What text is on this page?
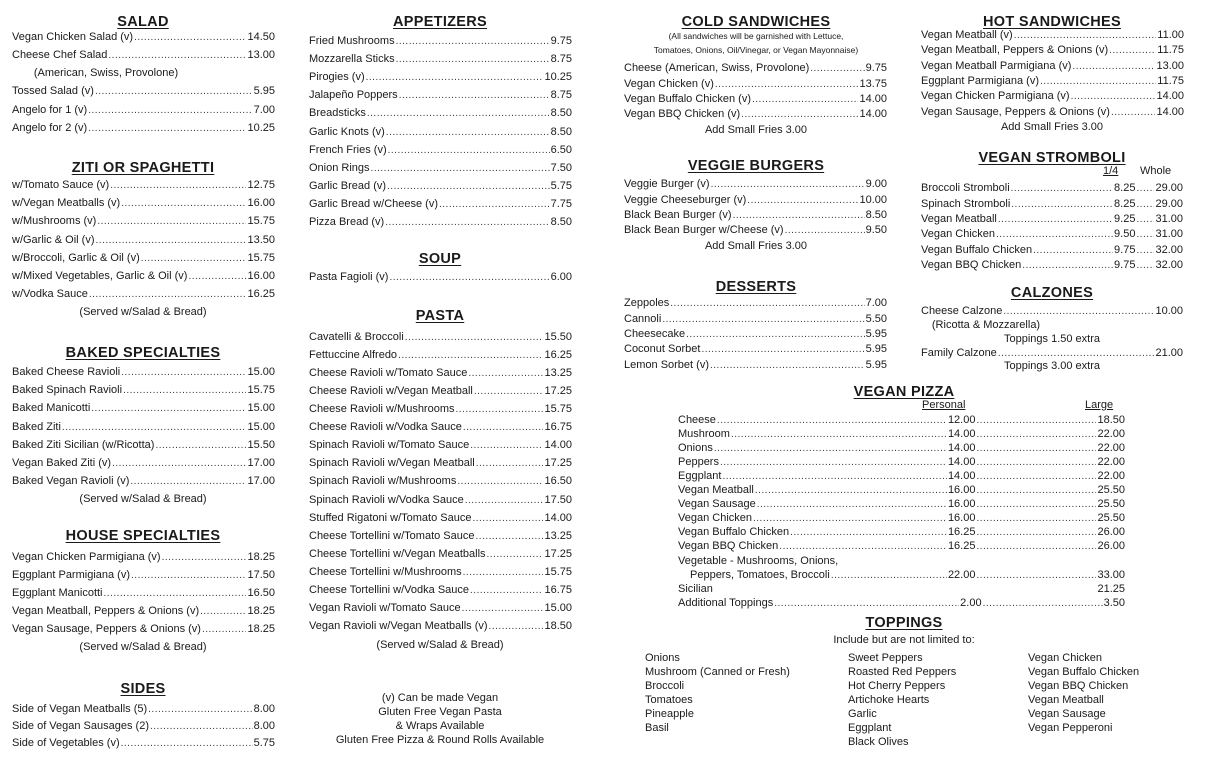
SALAD
Vegan Chicken Salad (v) .....	14.50
Cheese Chef Salad .....	13.00
Tossed Salad (v) .....	5.95
Angelo for 1 (v) .....	7.00
Angelo for 2 (v) .....	10.25
(American, Swiss, Provolone)
ZITI OR SPAGHETTI
w/Tomato Sauce (v) .....	12.75
w/Vegan Meatballs (v) .....	16.00
w/Mushrooms (v) .....	15.75
w/Garlic & Oil (v) .....	13.50
w/Broccoli, Garlic & Oil (v) .....	15.75
w/Mixed Vegetables, Garlic & Oil (v) .....	16.00
w/Vodka Sauce .....	16.25
(Served w/Salad & Bread)
BAKED SPECIALTIES
Baked Cheese Ravioli .....	15.00
Baked Spinach Ravioli .....	15.75
Baked Manicotti .....	15.00
Baked Ziti .....	15.00
Baked Ziti Sicilian (w/Ricotta) .....	15.50
Vegan Baked Ziti (v) .....	17.00
Baked Vegan Ravioli (v) .....	17.00
(Served w/Salad & Bread)
HOUSE SPECIALTIES
Vegan Chicken Parmigiana (v) .....	18.25
Eggplant Parmigiana (v) .....	17.50
Eggplant Manicotti .....	16.50
Vegan Meatball, Peppers & Onions (v) .....	18.25
Vegan Sausage, Peppers & Onions (v) .....	18.25
(Served w/Salad & Bread)
SIDES
Side of Vegan Meatballs (5) .....	8.00
Side of Vegan Sausages (2) .....	8.00
Side of Vegetables (v) .....	5.75
APPETIZERS
Fried Mushrooms .....	9.75
Mozzarella Sticks .....	8.75
Pirogies (v) .....	10.25
Jalapeño Poppers .....	8.75
Breadsticks .....	8.50
Garlic Knots (v) .....	8.50
French Fries (v) .....	6.50
Onion Rings .....	7.50
Garlic Bread (v) .....	5.75
Garlic Bread w/Cheese (v) .....	7.75
Pizza Bread (v) .....	8.50
SOUP
Pasta Fagioli (v) .....	6.00
PASTA
Cavatelli & Broccoli .....	15.50
Fettuccine Alfredo .....	16.25
Cheese Ravioli w/Tomato Sauce .....	13.25
Cheese Ravioli w/Vegan Meatball .....	17.25
Cheese Ravioli w/Mushrooms .....	15.75
Cheese Ravioli w/Vodka Sauce .....	16.75
Spinach Ravioli w/Tomato Sauce .....	14.00
Spinach Ravioli w/Vegan Meatball .....	17.25
Spinach Ravioli w/Mushrooms .....	16.50
Spinach Ravioli w/Vodka Sauce .....	17.50
Stuffed Rigatoni w/Tomato Sauce .....	14.00
Cheese Tortellini w/Tomato Sauce .....	13.25
Cheese Tortellini w/Vegan Meatballs .....	17.25
Cheese Tortellini w/Mushrooms .....	15.75
Cheese Tortellini w/Vodka Sauce .....	16.75
Vegan Ravioli w/Tomato Sauce .....	15.00
Vegan Ravioli w/Vegan Meatballs (v) .....	18.50
(Served w/Salad & Bread)
(v) Can be made Vegan
Gluten Free Vegan Pasta
& Wraps Available
Gluten Free Pizza & Round Rolls Available
COLD SANDWICHES
(All sandwiches will be garnished with Lettuce,
Tomatoes, Onions, Oil/Vinegar, or Vegan Mayonnaise)
Cheese (American, Swiss, Provolone) .....	9.75
Vegan Chicken (v) .....	13.75
Vegan Buffalo Chicken (v) .....	14.00
Vegan BBQ Chicken (v) .....	14.00
Add Small Fries 3.00
VEGGIE BURGERS
Veggie Burger (v) .....	9.00
Veggie Cheeseburger (v) .....	10.00
Black Bean Burger (v) .....	8.50
Black Bean Burger w/Cheese (v) .....	9.50
Add Small Fries 3.00
DESSERTS
Zeppoles .....	7.00
Cannoli .....	5.50
Cheesecake .....	5.95
Coconut Sorbet .....	5.95
Lemon Sorbet (v) .....	5.95
HOT SANDWICHES
Vegan Meatball (v) .....	11.00
Vegan Meatball, Peppers & Onions (v) .....	11.75
Vegan Meatball Parmigiana (v) .....	13.00
Eggplant Parmigiana (v) .....	11.75
Vegan Chicken Parmigiana (v) .....	14.00
Vegan Sausage, Peppers & Onions (v) .....	14.00
Add Small Fries 3.00
VEGAN STROMBOLI
1/4 Whole
Broccoli Stromboli .....	8.25 ..... 29.00
Spinach Stromboli .....	8.25 ..... 29.00
Vegan Meatball .....	9.25 ..... 31.00
Vegan Chicken .....	9.50 ..... 31.00
Vegan Buffalo Chicken .....	9.75 ..... 32.00
Vegan BBQ Chicken .....	9.75 ..... 32.00
CALZONES
Cheese Calzone .....	10.00
Family Calzone .....	21.00
(Ricotta & Mozzarella)
Toppings 1.50 extra
Toppings 3.00 extra
VEGAN PIZZA
Personal	Large
Cheese .....	12.00 .....	18.50
Mushroom .....	14.00 .....	22.00
Onions .....	14.00 .....	22.00
Peppers .....	14.00 .....	22.00
Eggplant .....	14.00 .....	22.00
Vegan Meatball .....	16.00 .....	25.50
Vegan Sausage .....	16.00 .....	25.50
Vegan Chicken .....	16.00 .....	25.50
Vegan Buffalo Chicken .....	16.25 .....	26.00
Vegan BBQ Chicken .....	16.25 .....	26.00
Vegetable - Mushrooms, Onions,
Peppers, Tomatoes, Broccoli .....	22.00 .....	33.00
Sicilian	21.25
Additional Toppings .....	2.00 .....	3.50
TOPPINGS
Include but are not limited to:
Onions
Mushroom (Canned or Fresh)
Broccoli
Tomatoes
Pineapple
Basil
Sweet Peppers
Roasted Red Peppers
Hot Cherry Peppers
Artichoke Hearts
Garlic
Eggplant
Black Olives
Vegan Chicken
Vegan Buffalo Chicken
Vegan BBQ Chicken
Vegan Meatball
Vegan Sausage
Vegan Pepperoni
